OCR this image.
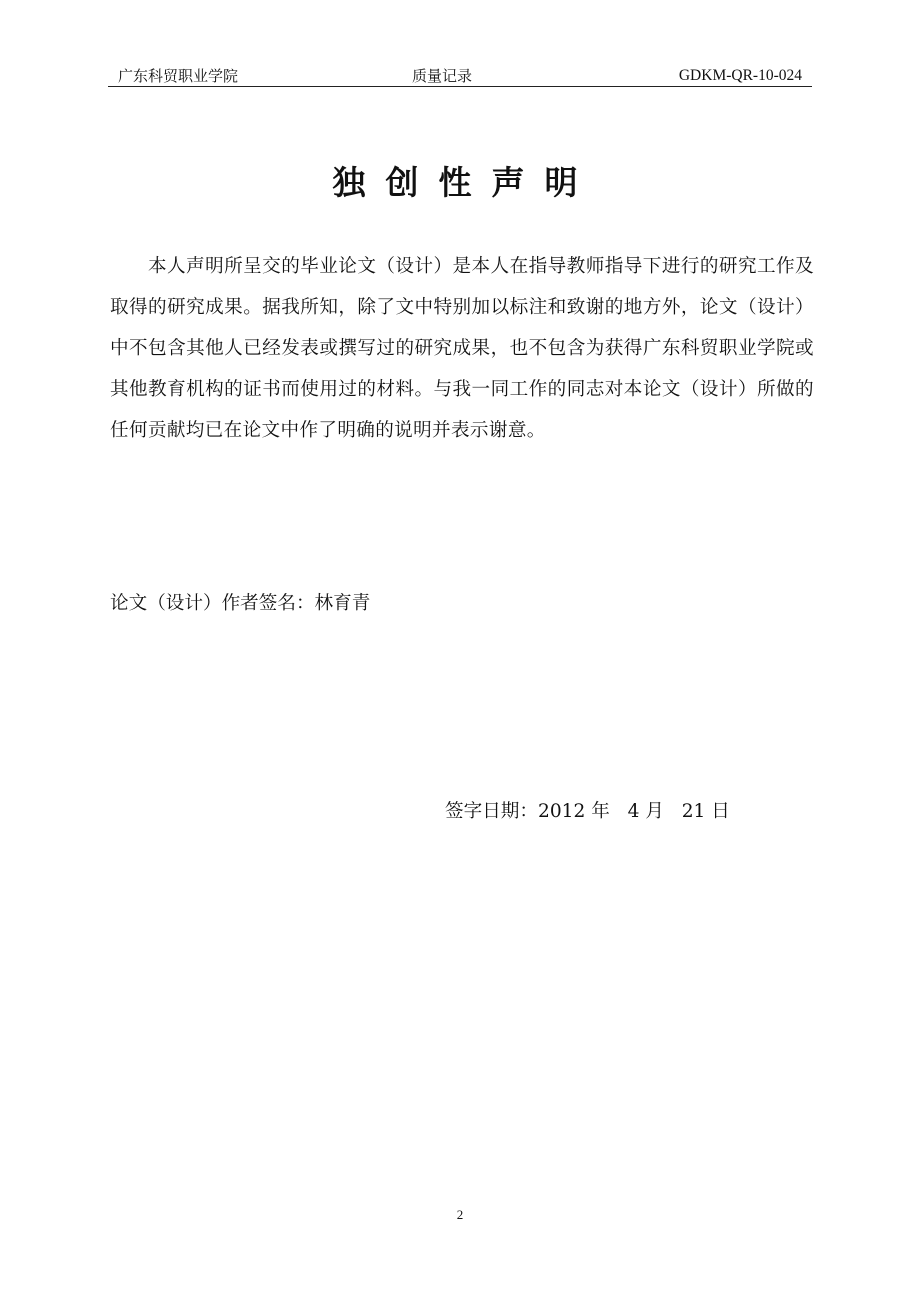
广东科贸职业学院	质量记录	GDKM-QR-10-024
独创性声明

本人声明所呈交的毕业论文（设计）是本人在指导教师指导下进行的研究工作及取得的研究成果。据我所知，除了文中特别加以标注和致谢的地方外，论文（设计）中不包含其他人已经发表或撰写过的研究成果，也不包含为获得广东科贸职业学院或其他教育机构的证书而使用过的材料。与我一同工作的同志对本论文（设计）所做的任何贡献均已在论文中作了明确的说明并表示谢意。

论文（设计）作者签名：林育青
签字日期：2012 年 4 月 21 日
2
